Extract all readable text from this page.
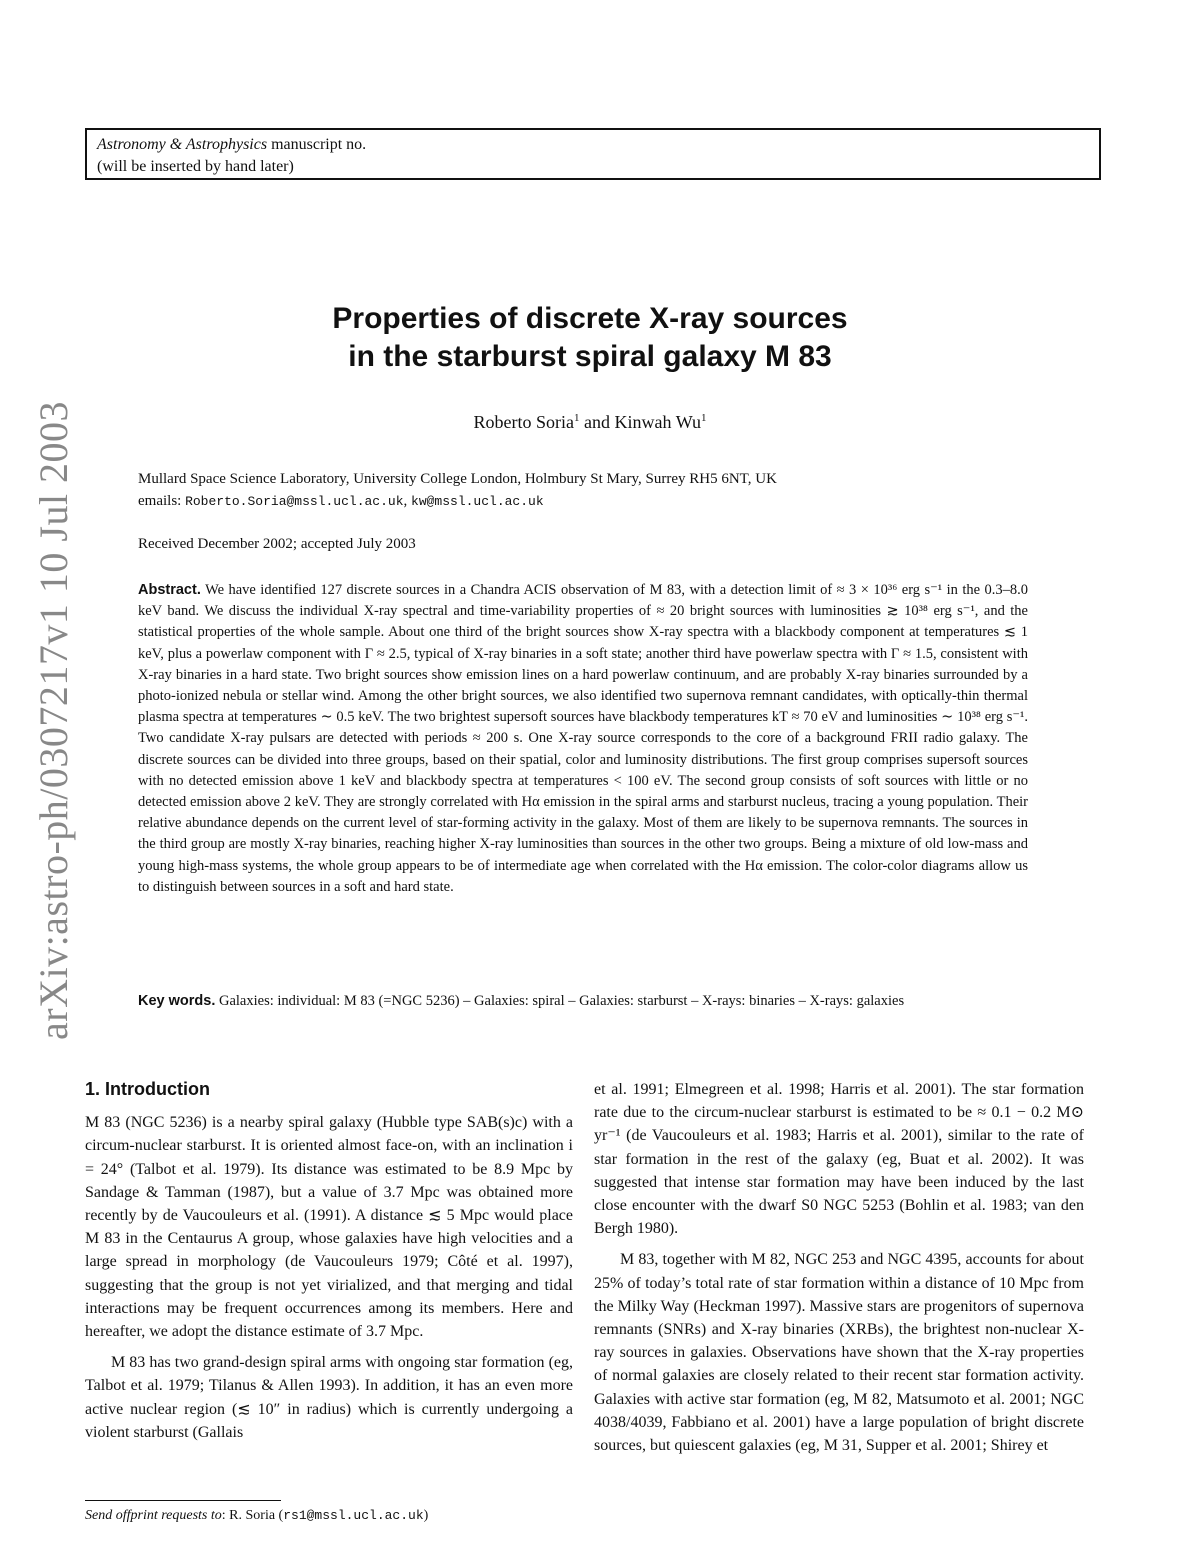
Astronomy & Astrophysics manuscript no.
(will be inserted by hand later)
arXiv:astro-ph/0307217v1 10 Jul 2003
Properties of discrete X-ray sources
in the starburst spiral galaxy M 83
Roberto Soria$^1$ and Kinwah Wu$^1$
Mullard Space Science Laboratory, University College London, Holmbury St Mary, Surrey RH5 6NT, UK
emails: Roberto.Soria@mssl.ucl.ac.uk, kw@mssl.ucl.ac.uk
Received December 2002; accepted July 2003
Abstract. We have identified 127 discrete sources in a Chandra ACIS observation of M 83, with a detection limit of ≈ 3 × 10³⁶ erg s⁻¹ in the 0.3–8.0 keV band. We discuss the individual X-ray spectral and time-variability properties of ≈ 20 bright sources with luminosities ≳ 10³⁸ erg s⁻¹, and the statistical properties of the whole sample. About one third of the bright sources show X-ray spectra with a blackbody component at temperatures ≲ 1 keV, plus a powerlaw component with Γ ≈ 2.5, typical of X-ray binaries in a soft state; another third have powerlaw spectra with Γ ≈ 1.5, consistent with X-ray binaries in a hard state. Two bright sources show emission lines on a hard powerlaw continuum, and are probably X-ray binaries surrounded by a photo-ionized nebula or stellar wind. Among the other bright sources, we also identified two supernova remnant candidates, with optically-thin thermal plasma spectra at temperatures ∼ 0.5 keV. The two brightest supersoft sources have blackbody temperatures kT ≈ 70 eV and luminosities ∼ 10³⁸ erg s⁻¹. Two candidate X-ray pulsars are detected with periods ≈ 200 s. One X-ray source corresponds to the core of a background FRII radio galaxy. The discrete sources can be divided into three groups, based on their spatial, color and luminosity distributions. The first group comprises supersoft sources with no detected emission above 1 keV and blackbody spectra at temperatures < 100 eV. The second group consists of soft sources with little or no detected emission above 2 keV. They are strongly correlated with Hα emission in the spiral arms and starburst nucleus, tracing a young population. Their relative abundance depends on the current level of star-forming activity in the galaxy. Most of them are likely to be supernova remnants. The sources in the third group are mostly X-ray binaries, reaching higher X-ray luminosities than sources in the other two groups. Being a mixture of old low-mass and young high-mass systems, the whole group appears to be of intermediate age when correlated with the Hα emission. The color-color diagrams allow us to distinguish between sources in a soft and hard state.
Key words. Galaxies: individual: M 83 (=NGC 5236) – Galaxies: spiral – Galaxies: starburst – X-rays: binaries – X-rays: galaxies
1. Introduction

M 83 (NGC 5236) is a nearby spiral galaxy (Hubble type SAB(s)c) with a circum-nuclear starburst. It is oriented almost face-on, with an inclination i = 24° (Talbot et al. 1979). Its distance was estimated to be 8.9 Mpc by Sandage & Tamman (1987), but a value of 3.7 Mpc was obtained more recently by de Vaucouleurs et al. (1991). A distance ≲ 5 Mpc would place M 83 in the Centaurus A group, whose galaxies have high velocities and a large spread in morphology (de Vaucouleurs 1979; Côté et al. 1997), suggesting that the group is not yet virialized, and that merging and tidal interactions may be frequent occurrences among its members. Here and hereafter, we adopt the distance estimate of 3.7 Mpc.

M 83 has two grand-design spiral arms with ongoing star formation (eg, Talbot et al. 1979; Tilanus & Allen 1993). In addition, it has an even more active nuclear region (≲ 10″ in radius) which is currently undergoing a violent starburst (Gallais

et al. 1991; Elmegreen et al. 1998; Harris et al. 2001). The star formation rate due to the circum-nuclear starburst is estimated to be ≈ 0.1 − 0.2 M⊙ yr⁻¹ (de Vaucouleurs et al. 1983; Harris et al. 2001), similar to the rate of star formation in the rest of the galaxy (eg, Buat et al. 2002). It was suggested that intense star formation may have been induced by the last close encounter with the dwarf S0 NGC 5253 (Bohlin et al. 1983; van den Bergh 1980).

M 83, together with M 82, NGC 253 and NGC 4395, accounts for about 25% of today’s total rate of star formation within a distance of 10 Mpc from the Milky Way (Heckman 1997). Massive stars are progenitors of supernova remnants (SNRs) and X-ray binaries (XRBs), the brightest non-nuclear X-ray sources in galaxies. Observations have shown that the X-ray properties of normal galaxies are closely related to their recent star formation activity. Galaxies with active star formation (eg, M 82, Matsumoto et al. 2001; NGC 4038/4039, Fabbiano et al. 2001) have a large population of bright discrete sources, but quiescent galaxies (eg, M 31, Supper et al. 2001; Shirey et

Send offprint requests to: R. Soria (rs1@mssl.ucl.ac.uk)
